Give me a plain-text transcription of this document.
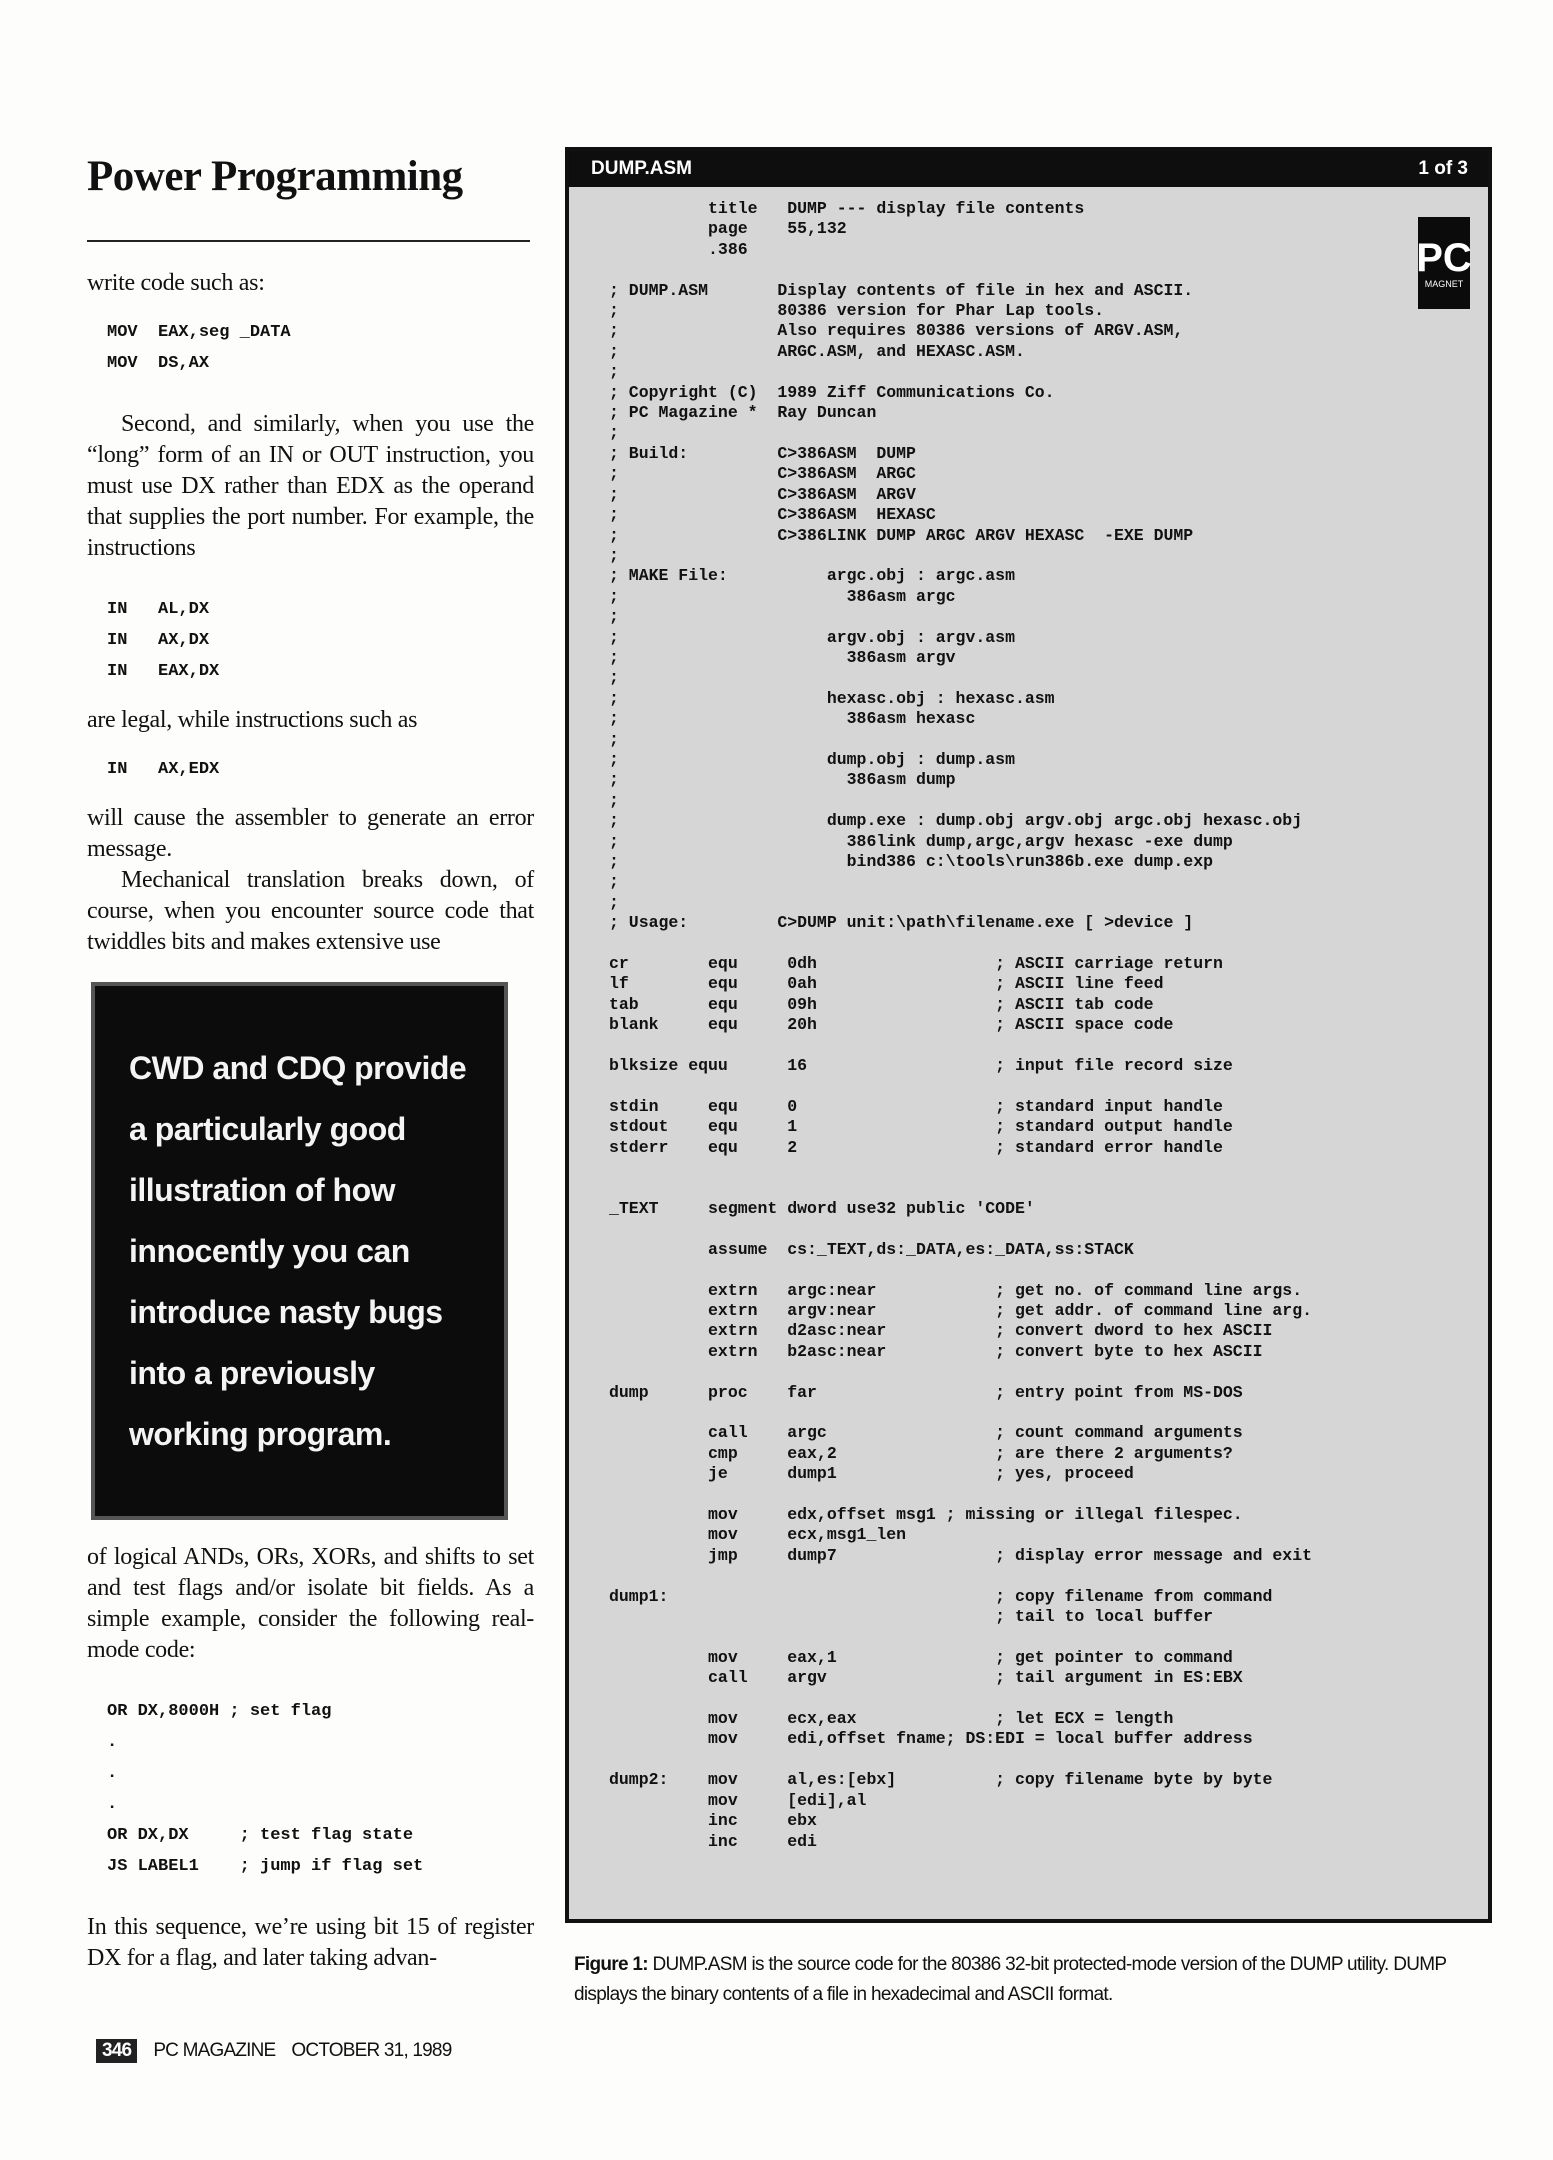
Power Programming

write code such as:

MOV  EAX,seg _DATA
MOV  DS,AX

Second, and similarly, when you use the “long” form of an IN or OUT instruction, you must use DX rather than EDX as the operand that supplies the port number. For example, the instructions

IN   AL,DX
IN   AX,DX
IN   EAX,DX

are legal, while instructions such as

IN   AX,EDX

will cause the assembler to generate an error message.

Mechanical translation breaks down, of course, when you encounter source code that twiddles bits and makes extensive use

CWD and CDQ provide
a particularly good
illustration of how
innocently you can
introduce nasty bugs
into a previously
working program.

of logical ANDs, ORs, XORs, and shifts to set and test flags and/or isolate bit fields. As a simple example, consider the following real-mode code:

OR DX,8000H ; set flag
.
.
.
OR DX,DX     ; test flag state
JS LABEL1    ; jump if flag set

In this sequence, we’re using bit 15 of register DX for a flag, and later taking advan-

346	PC MAGAZINE OCTOBER 31, 1989
DUMP.ASM	1 of 3
PC
MAGNET
title   DUMP --- display file contents
page    55,132
.386

; DUMP.ASM       Display contents of file in hex and ASCII.
;                80386 version for Phar Lap tools.
;                Also requires 80386 versions of ARGV.ASM,
;                ARGC.ASM, and HEXASC.ASM.
;
; Copyright (C)  1989 Ziff Communications Co.
; PC Magazine *  Ray Duncan
;
; Build:         C>386ASM  DUMP
;                C>386ASM  ARGC
;                C>386ASM  ARGV
;                C>386ASM  HEXASC
;                C>386LINK DUMP ARGC ARGV HEXASC  -EXE DUMP
;
; MAKE File:          argc.obj : argc.asm
;                       386asm argc
;
;                     argv.obj : argv.asm
;                       386asm argv
;
;                     hexasc.obj : hexasc.asm
;                       386asm hexasc
;
;                     dump.obj : dump.asm
;                       386asm dump
;
;                     dump.exe : dump.obj argv.obj argc.obj hexasc.obj
;                       386link dump,argc,argv hexasc -exe dump
;                       bind386 c:\tools\run386b.exe dump.exp
;
;
; Usage:         C>DUMP unit:\path\filename.exe [ >device ]

cr        equ     0dh                  ; ASCII carriage return
lf        equ     0ah                  ; ASCII line feed
tab       equ     09h                  ; ASCII tab code
blank     equ     20h                  ; ASCII space code

blksize equu      16                   ; input file record size

stdin     equ     0                    ; standard input handle
stdout    equ     1                    ; standard output handle
stderr    equ     2                    ; standard error handle

_TEXT     segment dword use32 public 'CODE'

assume  cs:_TEXT,ds:_DATA,es:_DATA,ss:STACK

extrn   argc:near            ; get no. of command line args.
extrn   argv:near            ; get addr. of command line arg.
extrn   d2asc:near           ; convert dword to hex ASCII
extrn   b2asc:near           ; convert byte to hex ASCII

dump      proc    far                  ; entry point from MS-DOS

call    argc                 ; count command arguments
cmp     eax,2                ; are there 2 arguments?
je      dump1                ; yes, proceed

mov     edx,offset msg1 ; missing or illegal filespec.
mov     ecx,msg1_len
jmp     dump7                ; display error message and exit

dump1:                                 ; copy filename from command
; tail to local buffer

mov     eax,1                ; get pointer to command
call    argv                 ; tail argument in ES:EBX

mov     ecx,eax              ; let ECX = length
mov     edi,offset fname; DS:EDI = local buffer address

dump2:    mov     al,es:[ebx]          ; copy filename byte by byte
mov     [edi],al
inc     ebx
inc     edi
Figure 1: DUMP.ASM is the source code for the 80386 32-bit protected-mode version of the DUMP utility. DUMP displays the binary contents of a file in hexadecimal and ASCII format.
